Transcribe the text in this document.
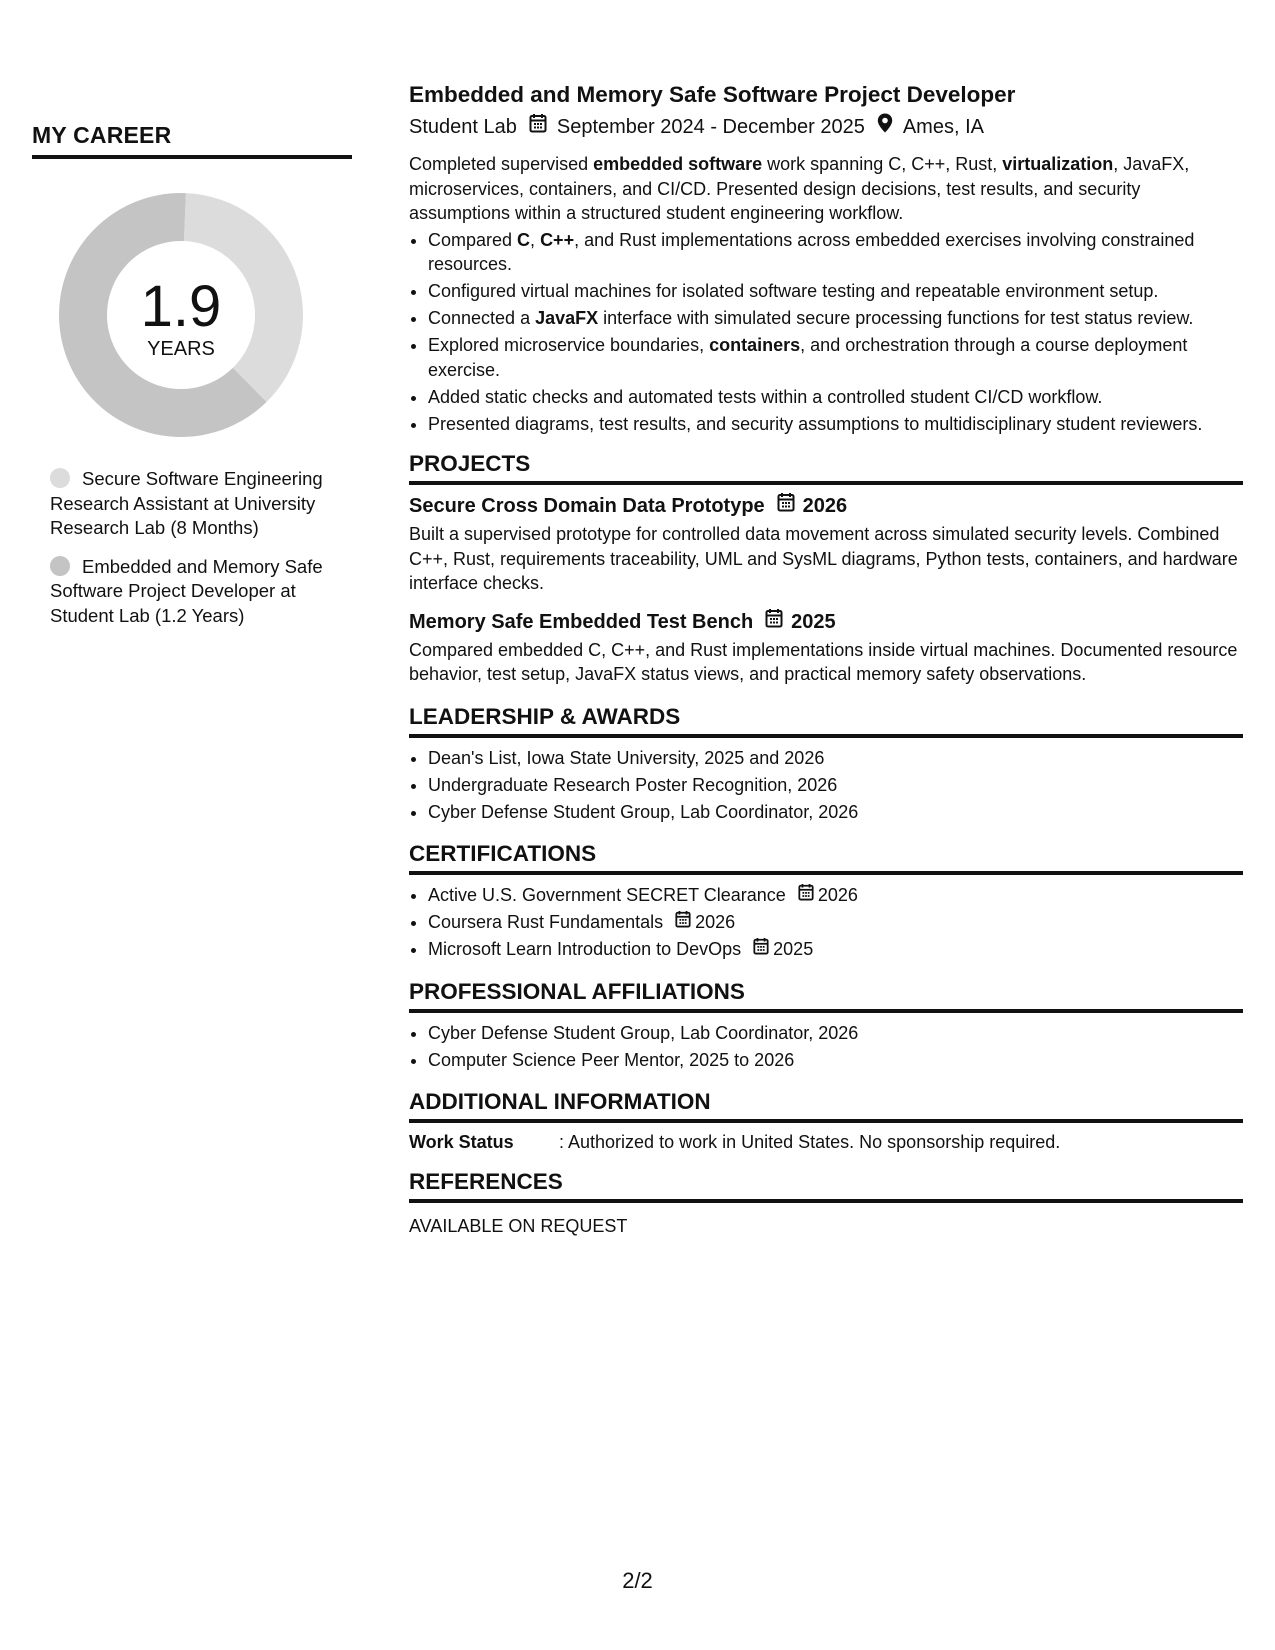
MY CAREER
1.9
YEARS
Secure Software Engineering Research Assistant at University Research Lab (8 Months)
Embedded and Memory Safe Software Project Developer at Student Lab (1.2 Years)
Embedded and Memory Safe Software Project Developer
Student Lab September 2024 - December 2025 Ames, IA
Completed supervised embedded software work spanning C, C++, Rust, virtualization, JavaFX, microservices, containers, and CI/CD. Presented design decisions, test results, and security assumptions within a structured student engineering workflow.
• Compared C, C++, and Rust implementations across embedded exercises involving constrained resources.
• Configured virtual machines for isolated software testing and repeatable environment setup.
• Connected a JavaFX interface with simulated secure processing functions for test status review.
• Explored microservice boundaries, containers, and orchestration through a course deployment exercise.
• Added static checks and automated tests within a controlled student CI/CD workflow.
• Presented diagrams, test results, and security assumptions to multidisciplinary student reviewers.
PROJECTS
Secure Cross Domain Data Prototype 2026
Built a supervised prototype for controlled data movement across simulated security levels. Combined C++, Rust, requirements traceability, UML and SysML diagrams, Python tests, containers, and hardware interface checks.
Memory Safe Embedded Test Bench 2025
Compared embedded C, C++, and Rust implementations inside virtual machines. Documented resource behavior, test setup, JavaFX status views, and practical memory safety observations.
LEADERSHIP & AWARDS
• Dean's List, Iowa State University, 2025 and 2026
• Undergraduate Research Poster Recognition, 2026
• Cyber Defense Student Group, Lab Coordinator, 2026
CERTIFICATIONS
• Active U.S. Government SECRET Clearance 2026
• Coursera Rust Fundamentals 2026
• Microsoft Learn Introduction to DevOps 2025
PROFESSIONAL AFFILIATIONS
• Cyber Defense Student Group, Lab Coordinator, 2026
• Computer Science Peer Mentor, 2025 to 2026
ADDITIONAL INFORMATION
Work Status	: Authorized to work in United States. No sponsorship required.
REFERENCES
AVAILABLE ON REQUEST
2/2
